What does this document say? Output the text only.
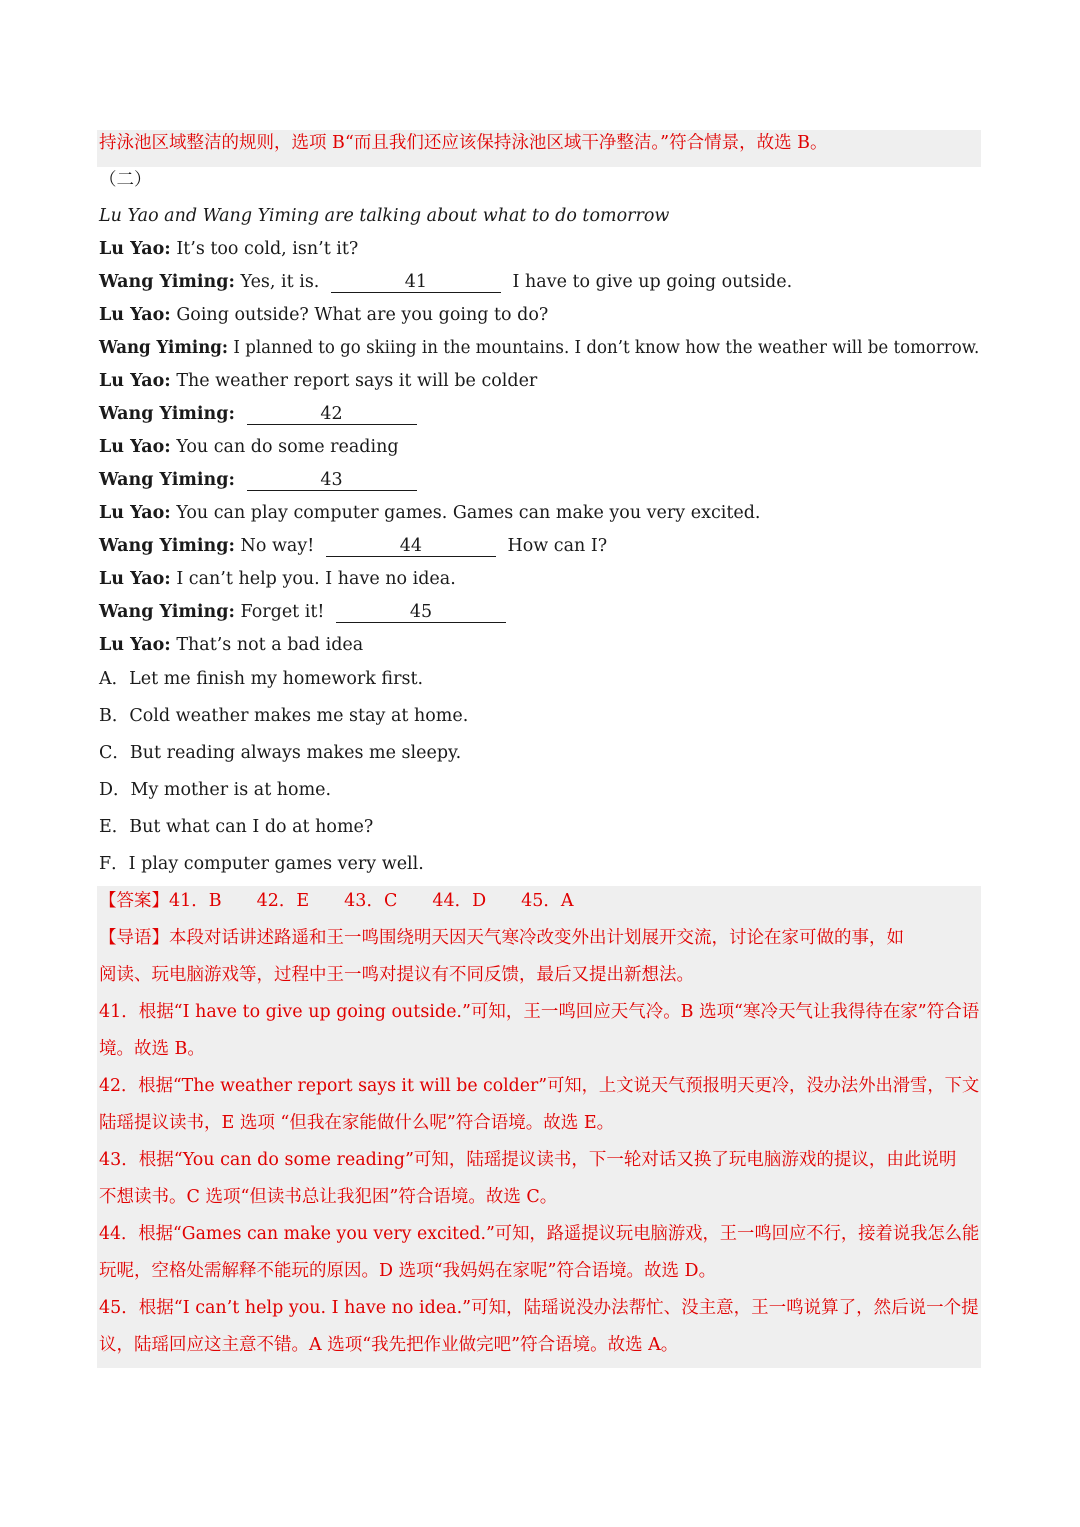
持泳池区域整洁的规则，选项 B“而且我们还应该保持泳池区域干净整洁。”符合情景，故选 B。
（二）
Lu Yao and Wang Yiming are talking about what to do tomorrow
Lu Yao: It’s too cold, isn’t it?
Wang Yiming: Yes, it is.	41	I have to give up going outside.
Lu Yao: Going outside? What are you going to do?
Wang Yiming: I planned to go skiing in the mountains. I don’t know how the weather will be tomorrow.
Lu Yao: The weather report says it will be colder
Wang Yiming:	42
Lu Yao: You can do some reading
Wang Yiming:	43
Lu Yao: You can play computer games. Games can make you very excited.
Wang Yiming: No way!	44	How can I?
Lu Yao: I can’t help you. I have no idea.
Wang Yiming: Forget it!	45
Lu Yao: That’s not a bad idea
A．Let me finish my homework first.
B．Cold weather makes me stay at home.
C．But reading always makes me sleepy.
D．My mother is at home.
E．But what can I do at home?
F．I play computer games very well.
【答案】41．B　　42．E　　43．C　　44．D　　45．A
【导语】本段对话讲述路遥和王一鸣围绕明天因天气寒冷改变外出计划展开交流，讨论在家可做的事，如
阅读、玩电脑游戏等，过程中王一鸣对提议有不同反馈，最后又提出新想法。
41．根据“I have to give up going outside.”可知，王一鸣回应天气冷。B 选项“寒冷天气让我得待在家”符合语
境。故选 B。
42．根据“The weather report says it will be colder”可知，上文说天气预报明天更冷，没办法外出滑雪，下文
陆瑶提议读书，E 选项 “但我在家能做什么呢”符合语境。故选 E。
43．根据“You can do some reading”可知，陆瑶提议读书，下一轮对话又换了玩电脑游戏的提议，由此说明
不想读书。C 选项“但读书总让我犯困”符合语境。故选 C。
44．根据“Games can make you very excited.”可知，路遥提议玩电脑游戏，王一鸣回应不行，接着说我怎么能
玩呢，空格处需解释不能玩的原因。D 选项“我妈妈在家呢”符合语境。故选 D。
45．根据“I can’t help you. I have no idea.”可知，陆瑶说没办法帮忙、没主意，王一鸣说算了，然后说一个提
议，陆瑶回应这主意不错。A 选项“我先把作业做完吧”符合语境。故选 A。
